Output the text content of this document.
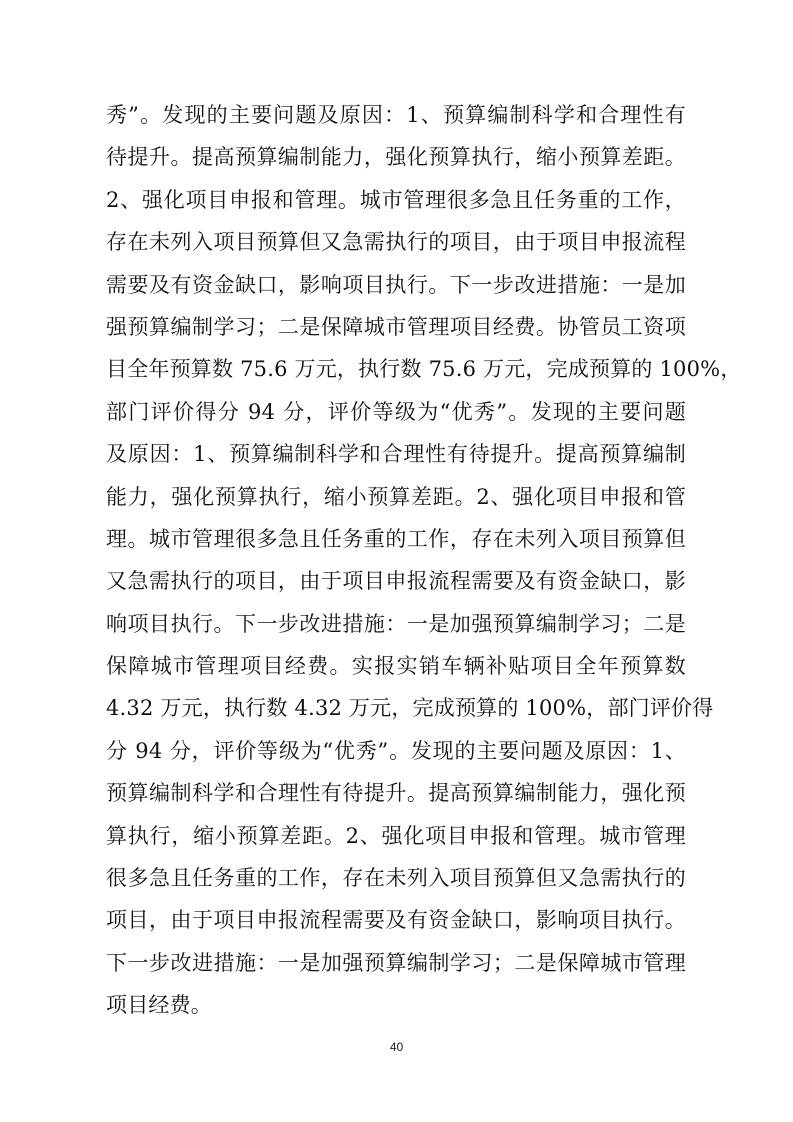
秀”。发现的主要问题及原因：1、预算编制科学和合理性有
待提升。提高预算编制能力，强化预算执行，缩小预算差距。
2、强化项目申报和管理。城市管理很多急且任务重的工作，
存在未列入项目预算但又急需执行的项目，由于项目申报流程
需要及有资金缺口，影响项目执行。下一步改进措施：一是加
强预算编制学习；二是保障城市管理项目经费。协管员工资项
目全年预算数 75.6 万元，执行数 75.6 万元，完成预算的 100%，
部门评价得分 94 分，评价等级为“优秀”。发现的主要问题
及原因：1、预算编制科学和合理性有待提升。提高预算编制
能力，强化预算执行，缩小预算差距。2、强化项目申报和管
理。城市管理很多急且任务重的工作，存在未列入项目预算但
又急需执行的项目，由于项目申报流程需要及有资金缺口，影
响项目执行。下一步改进措施：一是加强预算编制学习；二是
保障城市管理项目经费。实报实销车辆补贴项目全年预算数
4.32 万元，执行数 4.32 万元，完成预算的 100%，部门评价得
分 94 分，评价等级为“优秀”。发现的主要问题及原因：1、
预算编制科学和合理性有待提升。提高预算编制能力，强化预
算执行，缩小预算差距。2、强化项目申报和管理。城市管理
很多急且任务重的工作，存在未列入项目预算但又急需执行的
项目，由于项目申报流程需要及有资金缺口，影响项目执行。
下一步改进措施：一是加强预算编制学习；二是保障城市管理
项目经费。
40
